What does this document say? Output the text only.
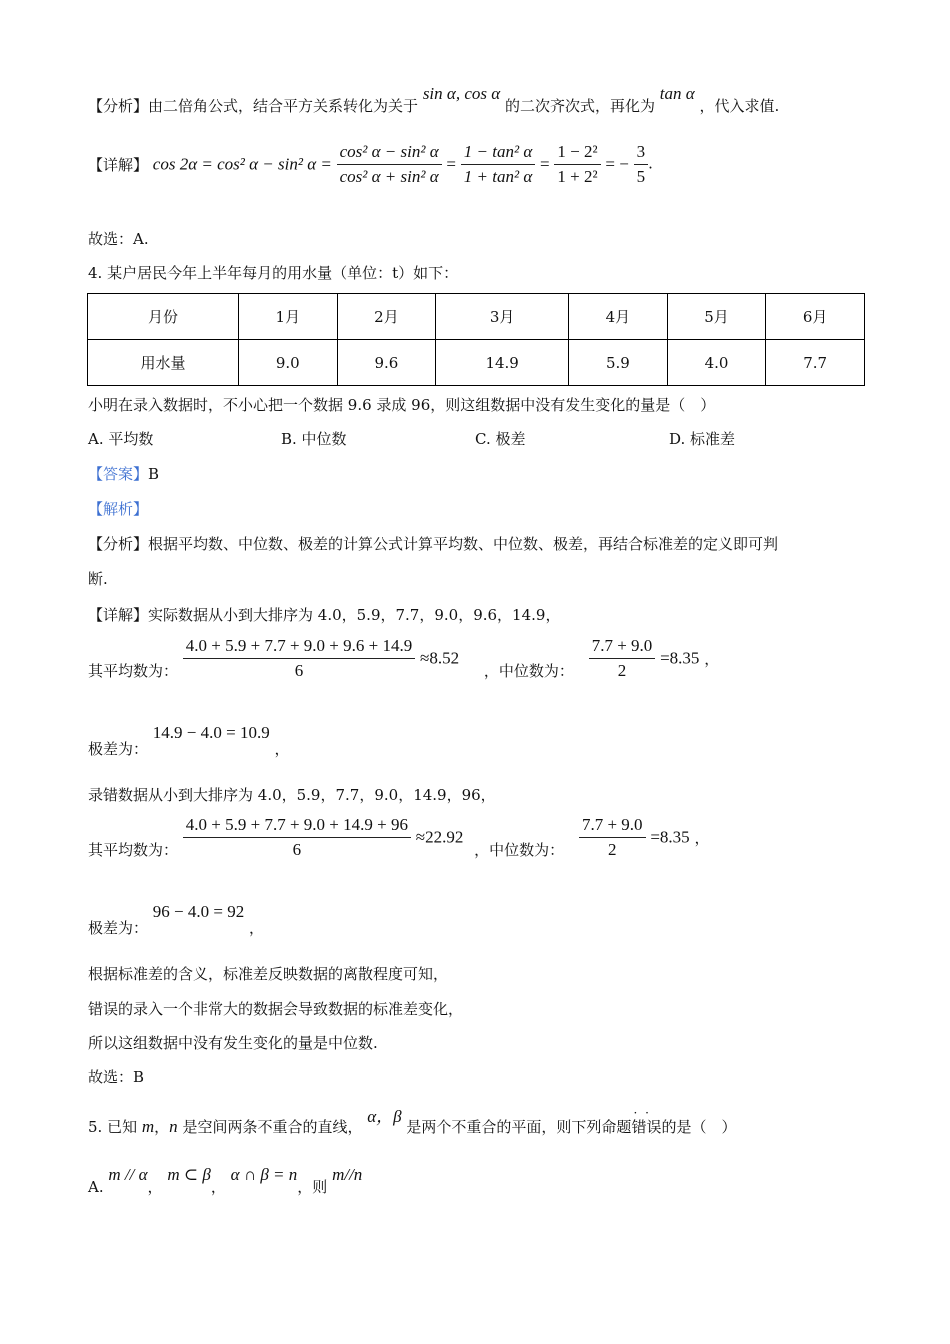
【分析】由二倍角公式，结合平方关系转化为关于 sin α, cos α 的二次齐次式，再化为 tan α ，代入求值.
【详解】 cos 2α = cos² α − sin² $\alpha = \frac{\text{cos² α − sin² α}}{\text{cos² α + sin² α}} = \frac{\text{1 − tan² α}}{\text{1 + tan² α}} = \frac{\text{1 − 2²}}{\text{1 + 2²}}$ = − $\frac{3}{5}$ .
故选：A.
4. 某户居民今年上半年每月的用水量（单位：t）如下：
月份	1月	2月	3月	4月	5月	6月
用水量	9.0	9.6	14.9	5.9	4.0	7.7
小明在录入数据时，不小心把一个数据 9.6 录成 96，则这组数据中没有发生变化的量是（　）
A. 平均数	B. 中位数	C. 极差	D. 标准差
【答案】B
【解析】
【分析】根据平均数、中位数、极差的计算公式计算平均数、中位数、极差，再结合标准差的定义即可判
断.
【详解】实际数据从小到大排序为 4.0，5.9，7.7，9.0，9.6，14.9，
其平均数为： $\frac{4.0 + 5.9 + 7.7 + 9.0 + 9.6 + 14.9}{6} \approx 8.52$ ，中位数为： $\frac{7.7 + 9.0}{2} =8.35$ ，
极差为： 14.9 − 4.0 = 10.9 ，
录错数据从小到大排序为 4.0，5.9，7.7，9.0，14.9，96，
其平均数为： $\frac{4.0 + 5.9 + 7.7 + 9.0 + 14.9 + 96}{6} \approx 22.92$ ，中位数为： $\frac{7.7 + 9.0}{2} =8.35$ ，
极差为： 96 − 4.0 = 92 ，
根据标准差的含义，标准差反映数据的离散程度可知，
错误的录入一个非常大的数据会导致数据的标准差变化，
所以这组数据中没有发生变化的量是中位数.
故选：B
5. 已知 m，n 是空间两条不重合的直线， α，β 是两个不重合的平面，则下列命题· · 错误的是（　）
A. m // α， m ⊂ β， α ∩ β = n，则 m//n
